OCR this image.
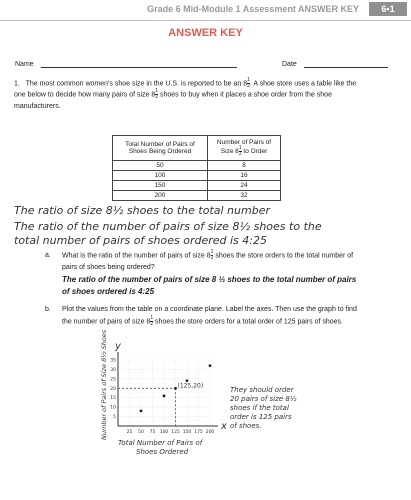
Grade 6 Mid-Module 1 Assessment ANSWER KEY	6•1
ANSWER KEY
Name	Date
1. The most common women's shoe size in the U.S. is reported to be an $8 \frac{1}{2}$ . A shoe store uses a table like the one below to decide how many pairs of size $8 \frac{1}{2}$ shoes to buy when it places a shoe order from the shoe manufacturers.
Total Number of Pairs of Shoes Being Ordered	Number of Pairs of Size $8 \frac{1}{2}$ to Order
50	8
100	16
150	24
200	32
The ratio of size 8½ shoes to the total number
The ratio of the number of pairs of size 8½ shoes to the
total number of pairs of shoes ordered is 4:25
a. What is the ratio of the number of pairs of size $8 \frac{1}{2}$ shoes the store orders to the total number of pairs of shoes being ordered?
The ratio of the number of pairs of size 8 ½ shoes to the total number of pairs of shoes ordered is 4:25
b. Plot the values from the table on a coordinate plane. Label the axes. Then use the graph to find the number of pairs of size $8 \frac{1}{2}$ shoes the store orders for a total order of 125 pairs of shoes.
y
x
Number of Pairs of Size 8½ Shoes
Total Number of Pairs of
Shoes Ordered
5
10
15
20
25
30
35
25 50 75 100 125 150 175 200
(125,20)
They should order
20 pairs of size 8½
shoes if the total
order is 125 pairs
of shoes.
